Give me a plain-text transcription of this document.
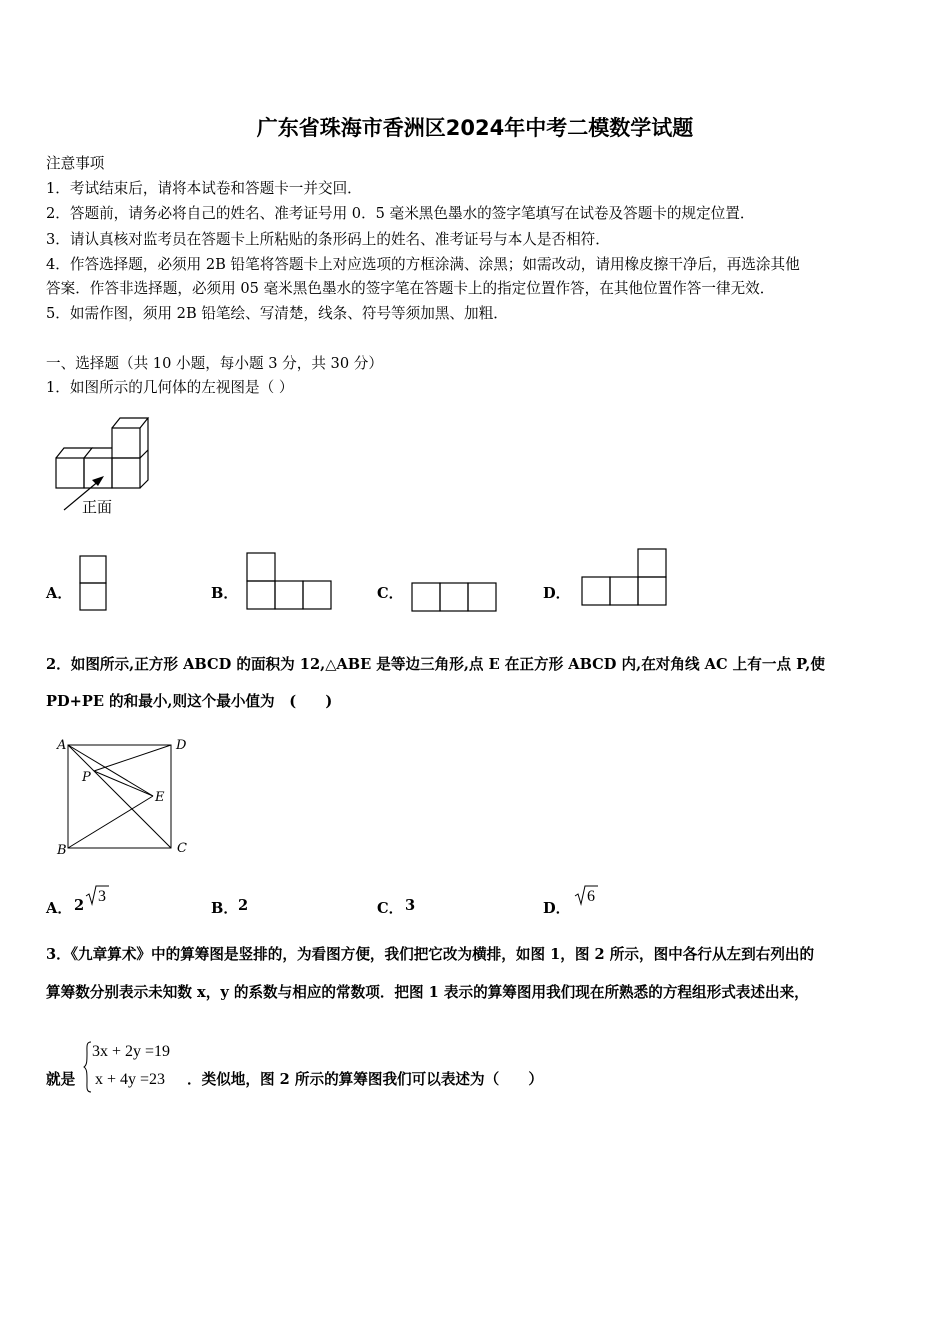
广东省珠海市香洲区2024年中考二模数学试题
注意事项
1．考试结束后，请将本试卷和答题卡一并交回．
2．答题前，请务必将自己的姓名、准考证号用 0．5 毫米黑色墨水的签字笔填写在试卷及答题卡的规定位置．
3．请认真核对监考员在答题卡上所粘贴的条形码上的姓名、准考证号与本人是否相符．
4．作答选择题，必须用 2B 铅笔将答题卡上对应选项的方框涂满、涂黑；如需改动，请用橡皮擦干净后，再选涂其他
答案．作答非选择题，必须用 05 毫米黑色墨水的签字笔在答题卡上的指定位置作答，在其他位置作答一律无效．
5．如需作图，须用 2B 铅笔绘、写清楚，线条、符号等须加黑、加粗．
一、选择题（共 10 小题，每小题 3 分，共 30 分）
1．如图所示的几何体的左视图是（ ）
正面
A．	B．	C．	D．
2．如图所示,正方形 ABCD 的面积为 12,△ABE 是等边三角形,点 E 在正方形 ABCD 内,在对角线 AC 上有一点 P,使
PD+PE 的和最小,则这个最小值为　(　　)
A	D
P
E
B	C
A． 2
3
B． 2	C． 3	D．
6
3．《九章算术》中的算筹图是竖排的，为看图方便，我们把它改为横排，如图 1，图 2 所示，图中各行从左到右列出的
算筹数分别表示未知数 x，y 的系数与相应的常数项．把图 1 表示的算筹图用我们现在所熟悉的方程组形式表述出来，
就是
3x + 2y =19
x + 4y =23 ．类似地，图 2 所示的算筹图我们可以表述为（　　）
